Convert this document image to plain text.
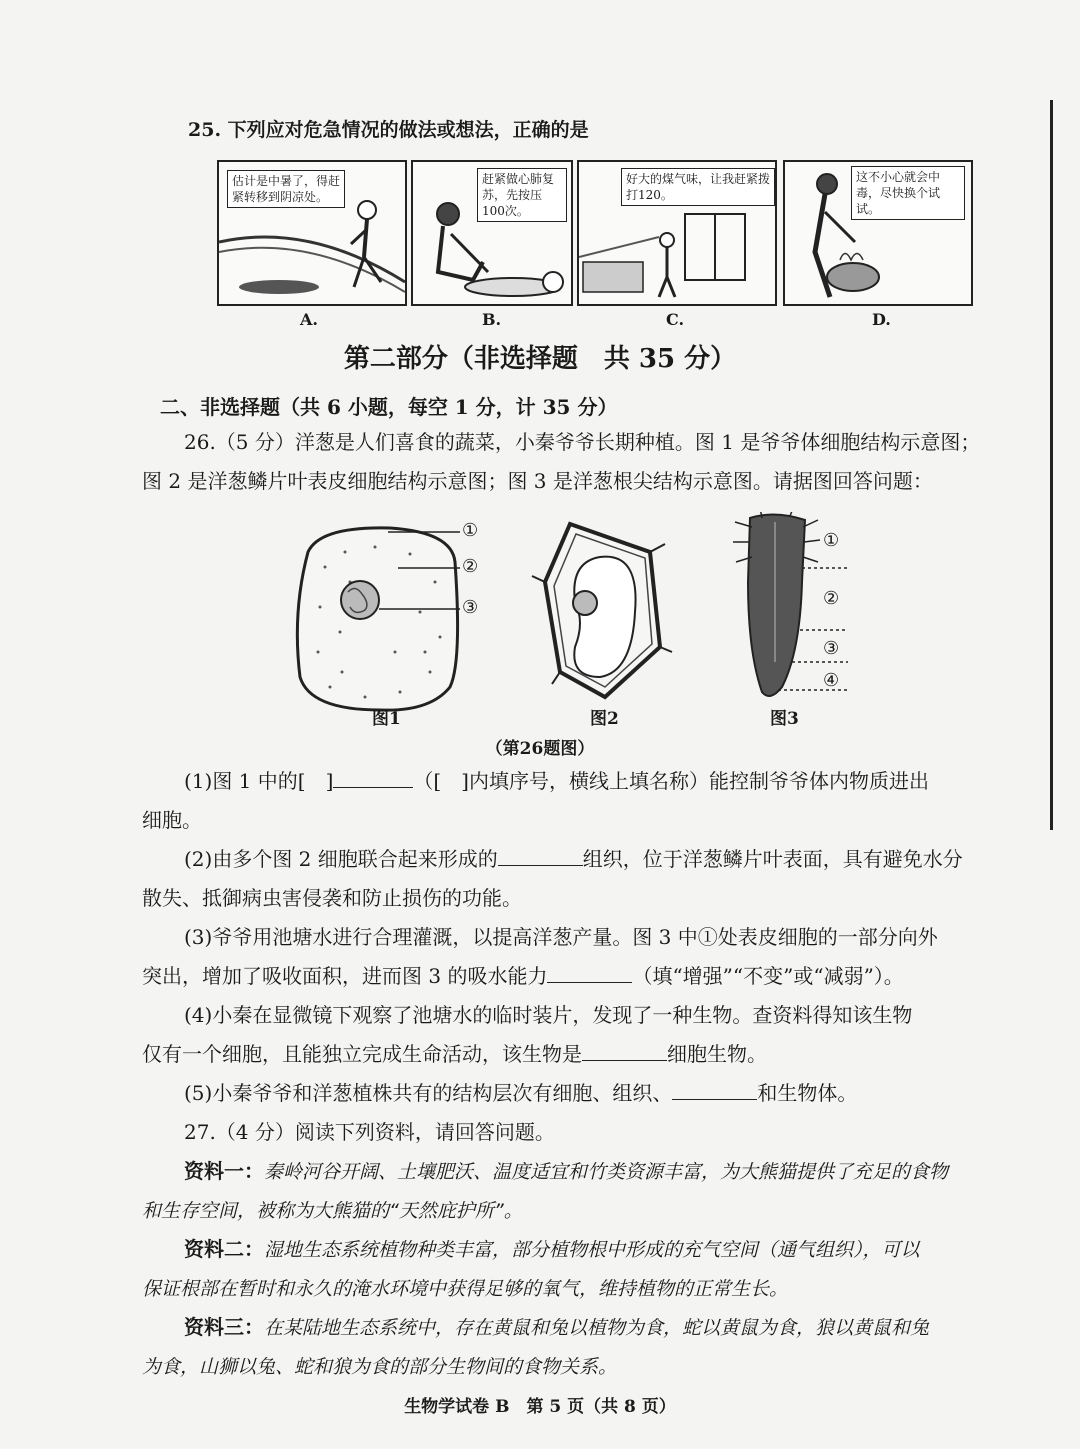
25. 下列应对危急情况的做法或想法，正确的是
估计是中暑了，得赶紧转移到阴凉处。
A.
赶紧做心肺复苏，先按压100次。
B.
好大的煤气味，让我赶紧拨打120。
C.
这不小心就会中毒，尽快换个试试。
D.
第二部分（非选择题　共 35 分）
二、非选择题（共 6 小题，每空 1 分，计 35 分）
26.（5 分）洋葱是人们喜食的蔬菜，小秦爷爷长期种植。图 1 是爷爷体细胞结构示意图；
图 2 是洋葱鳞片叶表皮细胞结构示意图；图 3 是洋葱根尖结构示意图。请据图回答问题：
①
②
③
①
②
③
④
图1	图2	图3
（第26题图）
(1)图 1 中的[　]	（[　]内填序号，横线上填名称）能控制爷爷体内物质进出
细胞。
(2)由多个图 2 细胞联合起来形成的	组织，位于洋葱鳞片叶表面，具有避免水分
散失、抵御病虫害侵袭和防止损伤的功能。
(3)爷爷用池塘水进行合理灌溉，以提高洋葱产量。图 3 中①处表皮细胞的一部分向外
突出，增加了吸收面积，进而图 3 的吸水能力	（填“增强”“不变”或“减弱”）。
(4)小秦在显微镜下观察了池塘水的临时装片，发现了一种生物。查资料得知该生物
仅有一个细胞，且能独立完成生命活动，该生物是	细胞生物。
(5)小秦爷爷和洋葱植株共有的结构层次有细胞、组织、	和生物体。
27.（4 分）阅读下列资料，请回答问题。
资料一：秦岭河谷开阔、土壤肥沃、温度适宜和竹类资源丰富，为大熊猫提供了充足的食物
和生存空间，被称为大熊猫的“天然庇护所”。
资料二：湿地生态系统植物种类丰富，部分植物根中形成的充气空间（通气组织），可以
保证根部在暂时和永久的淹水环境中获得足够的氧气，维持植物的正常生长。
资料三：在某陆地生态系统中，存在黄鼠和兔以植物为食，蛇以黄鼠为食，狼以黄鼠和兔
为食，山狮以兔、蛇和狼为食的部分生物间的食物关系。
生物学试卷 B　第 5 页（共 8 页）
